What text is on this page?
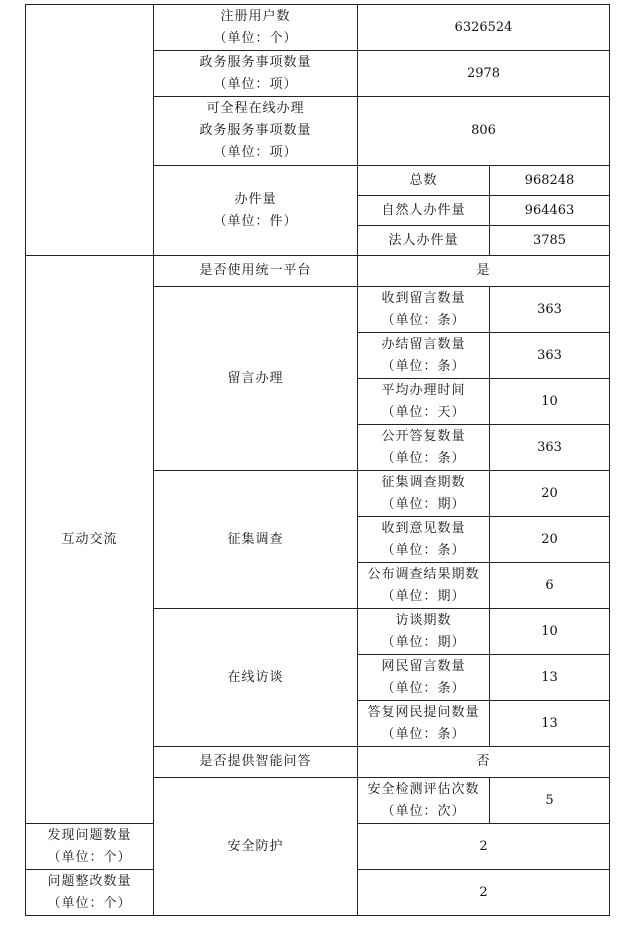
	注册用户数
（单位：个）	6326524	

	政务服务事项数量
（单位：项）	2978	

	可全程在线办理
政务服务事项数量
（单位：项）	806	

	办件量
（单位：件）	总数	968248
		自然人办件量	964463
		法人办件量	3785
互动交流	是否使用统一平台	是	
	留言办理	收到留言数量
（单位：条）	363

		办结留言数量
（单位：条）	363

		平均办理时间
（单位：天）	10

		公开答复数量
（单位：条）	363
	征集调查	征集调查期数
（单位：期）	20

		收到意见数量
（单位：条）	20

		公布调查结果期数
（单位：期）	6
	在线访谈	访谈期数
（单位：期）	10

		网民留言数量
（单位：条）	13

		答复网民提问数量
（单位：条）	13
	是否提供智能问答	否	
	安全防护	安全检测评估次数
（单位：次）	5

发现问题数量
（单位：个）		2	

问题整改数量
（单位：个）		2	
